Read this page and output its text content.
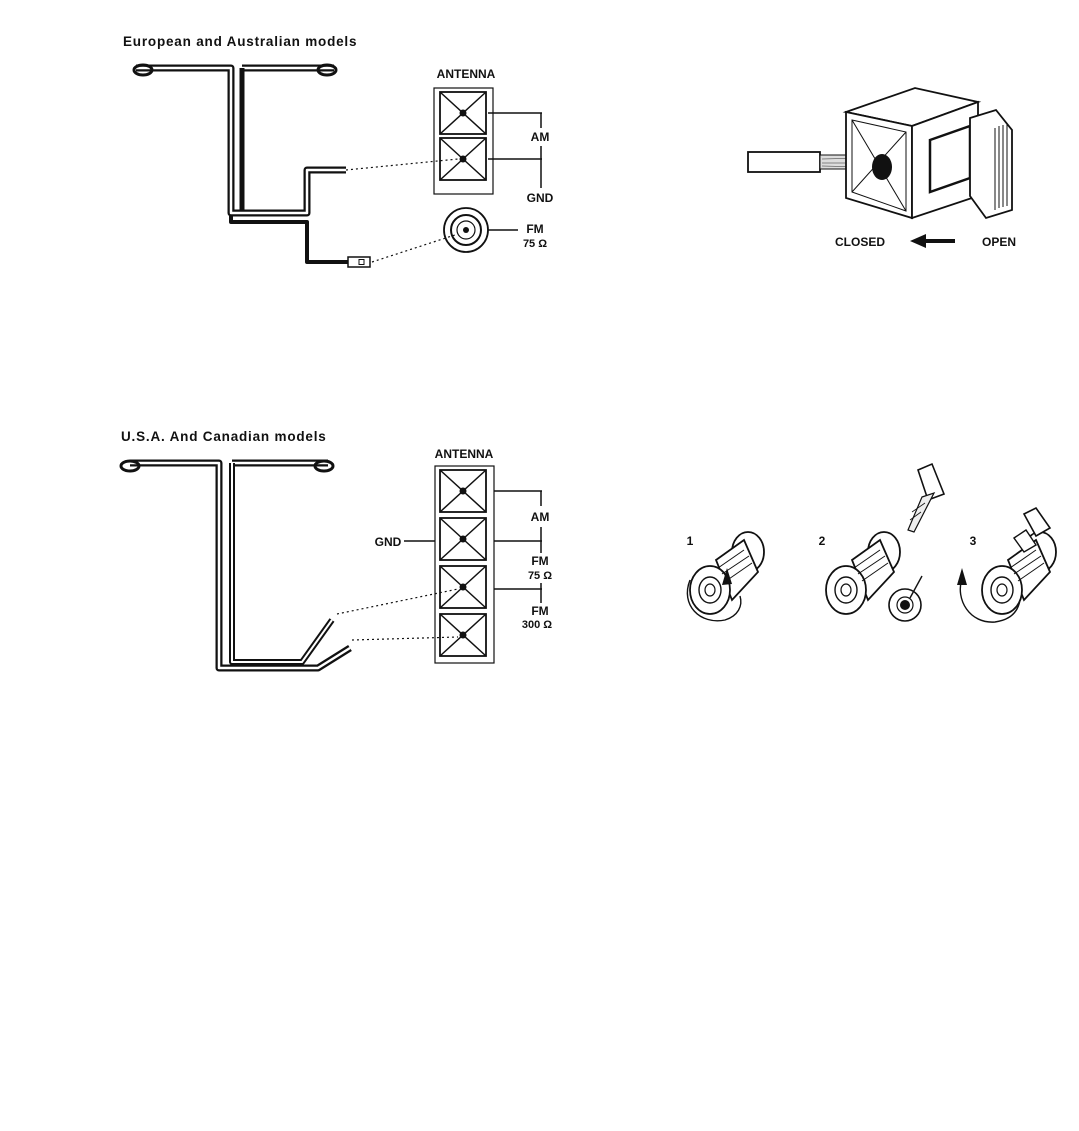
European and Australian models
U.S.A. And Canadian models
ANTENNA
AM
GND
FM
75 Ω	CLOSED	OPEN
ANTENNA
GND
AM
FM
75 Ω
FM
300 Ω
1	2	3
